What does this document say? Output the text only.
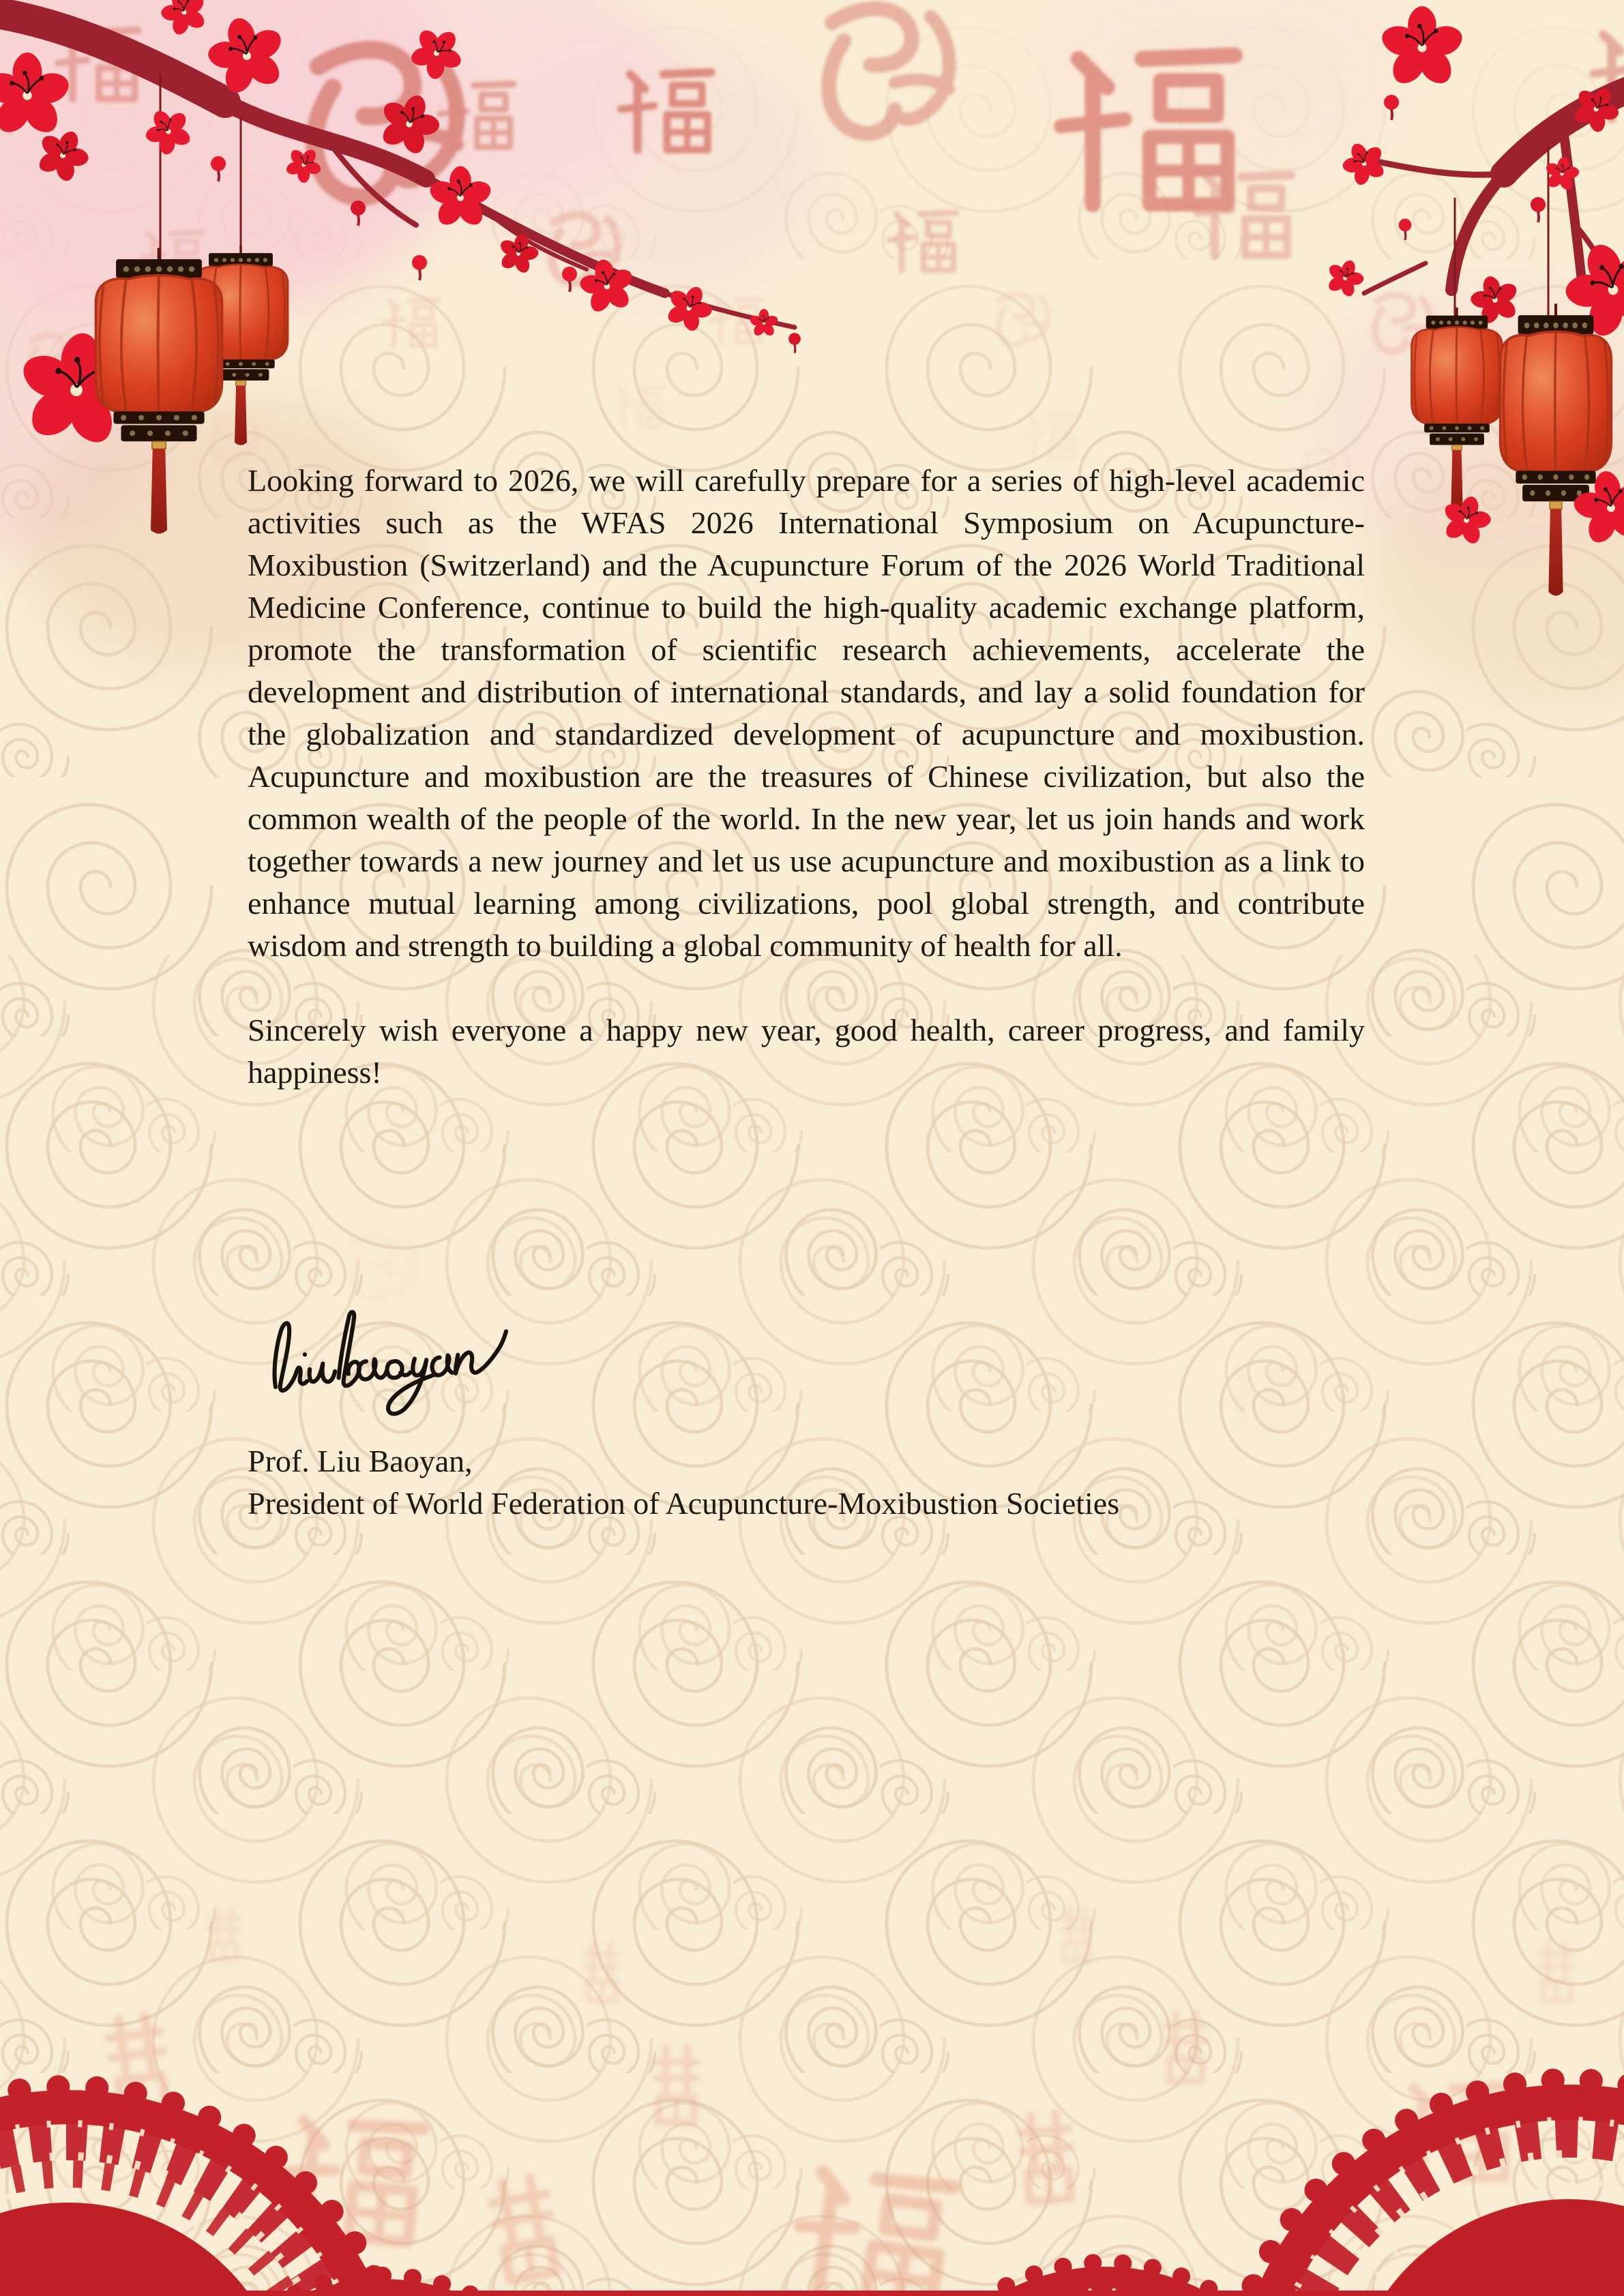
Looking forward to 2026, we will carefully prepare for a series of high-level academic activities such as the WFAS 2026 International Symposium on Acupuncture-Moxibustion (Switzerland) and the Acupuncture Forum of the 2026 World Traditional Medicine Conference, continue to build the high-quality academic exchange platform, promote the transformation of scientific research achievements, accelerate the development and distribution of international standards, and lay a solid foundation for the globalization and standardized development of acupuncture and moxibustion. Acupuncture and moxibustion are the treasures of Chinese civilization, but also the common wealth of the people of the world. In the new year, let us join hands and work together towards a new journey and let us use acupuncture and moxibustion as a link to enhance mutual learning among civilizations, pool global strength, and contribute wisdom and strength to building a global community of health for all.

Sincerely wish everyone a happy new year, good health, career progress, and family happiness!

Prof. Liu Baoyan,

President of World Federation of Acupuncture-Moxibustion Societies
